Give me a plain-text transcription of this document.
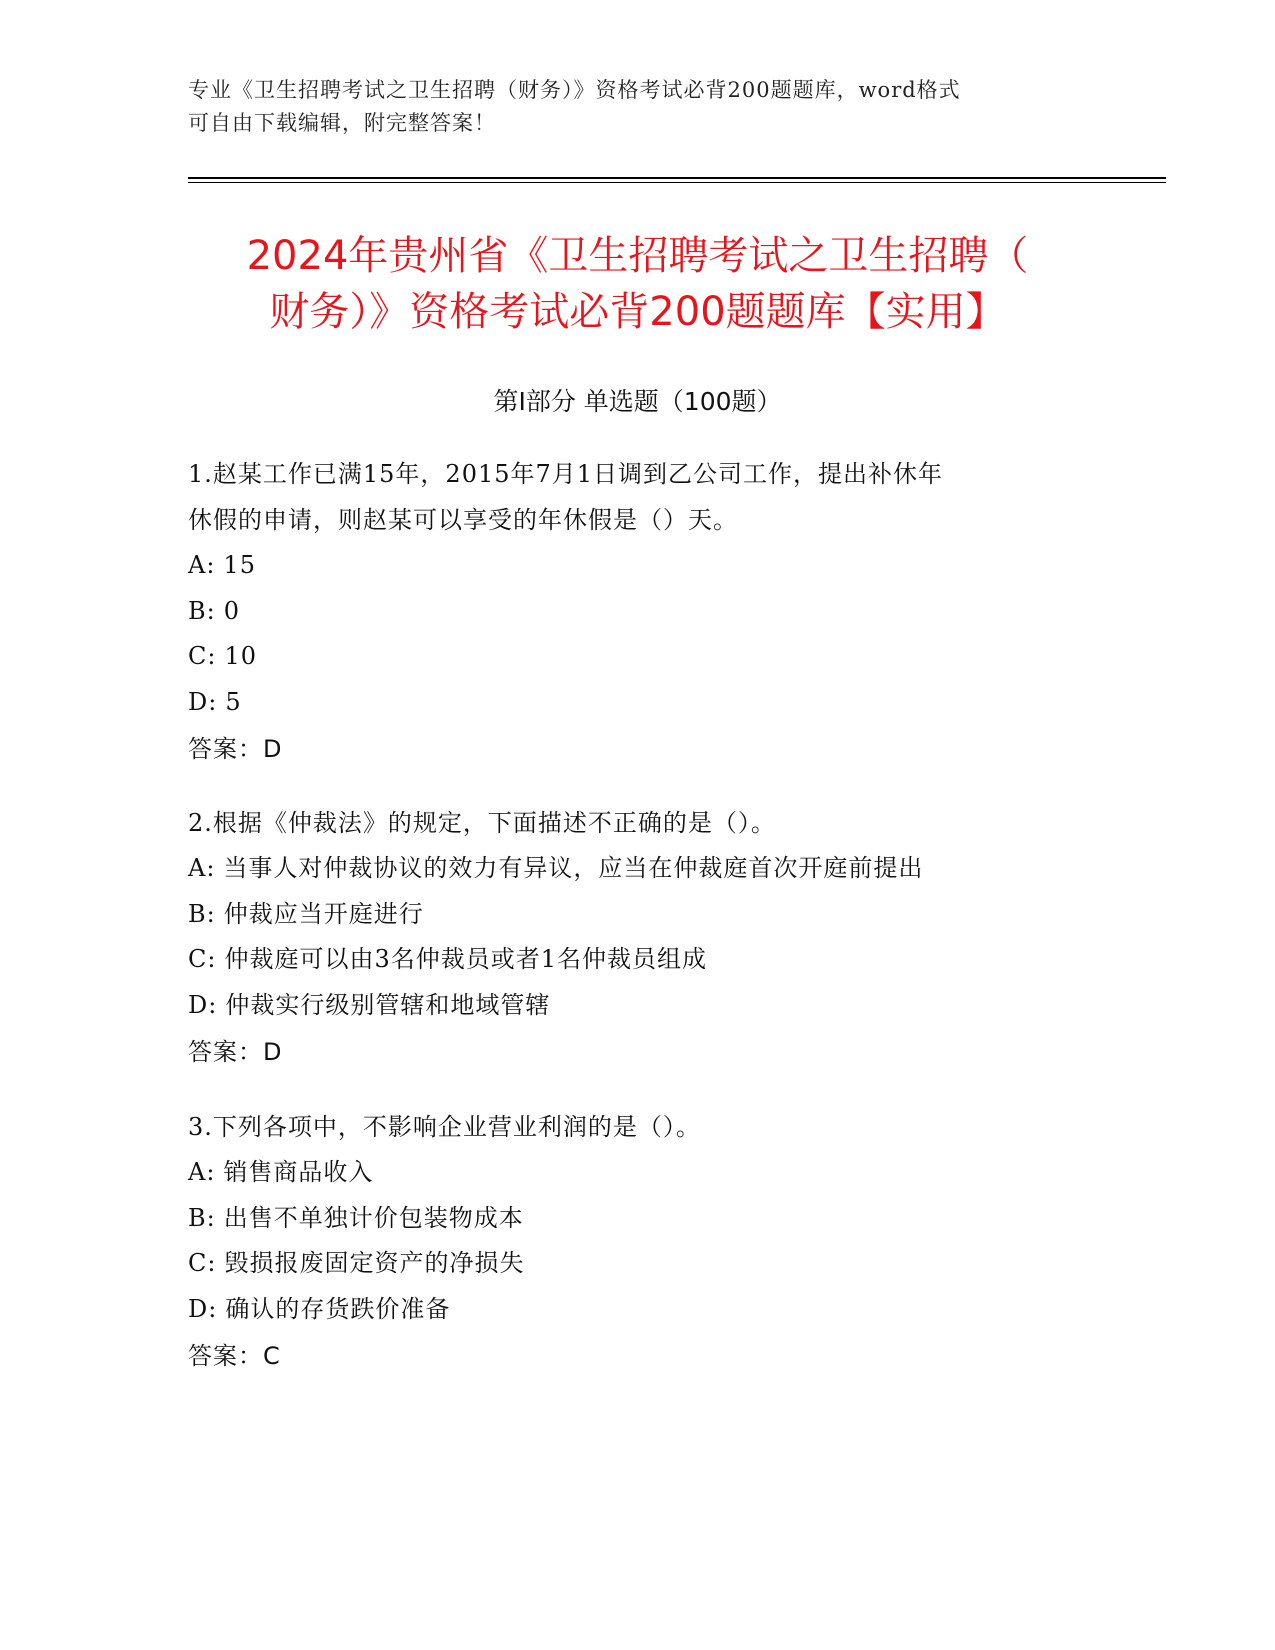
专业《卫生招聘考试之卫生招聘（财务）》资格考试必背200题题库，word格式
可自由下载编辑，附完整答案！
2024年贵州省《卫生招聘考试之卫生招聘（
财务）》资格考试必背200题题库【实用】
第Ⅰ部分 单选题（100题）
1.赵某工作已满15年，2015年7月1日调到乙公司工作，提出补休年
休假的申请，则赵某可以享受的年休假是（）天。
A: 15
B: 0
C: 10
D: 5
答案：D
2.根据《仲裁法》的规定，下面描述不正确的是（）。
A: 当事人对仲裁协议的效力有异议，应当在仲裁庭首次开庭前提出
B: 仲裁应当开庭进行
C: 仲裁庭可以由3名仲裁员或者1名仲裁员组成
D: 仲裁实行级别管辖和地域管辖
答案：D
3.下列各项中，不影响企业营业利润的是（）。
A: 销售商品收入
B: 出售不单独计价包装物成本
C: 毁损报废固定资产的净损失
D: 确认的存货跌价准备
答案：C
